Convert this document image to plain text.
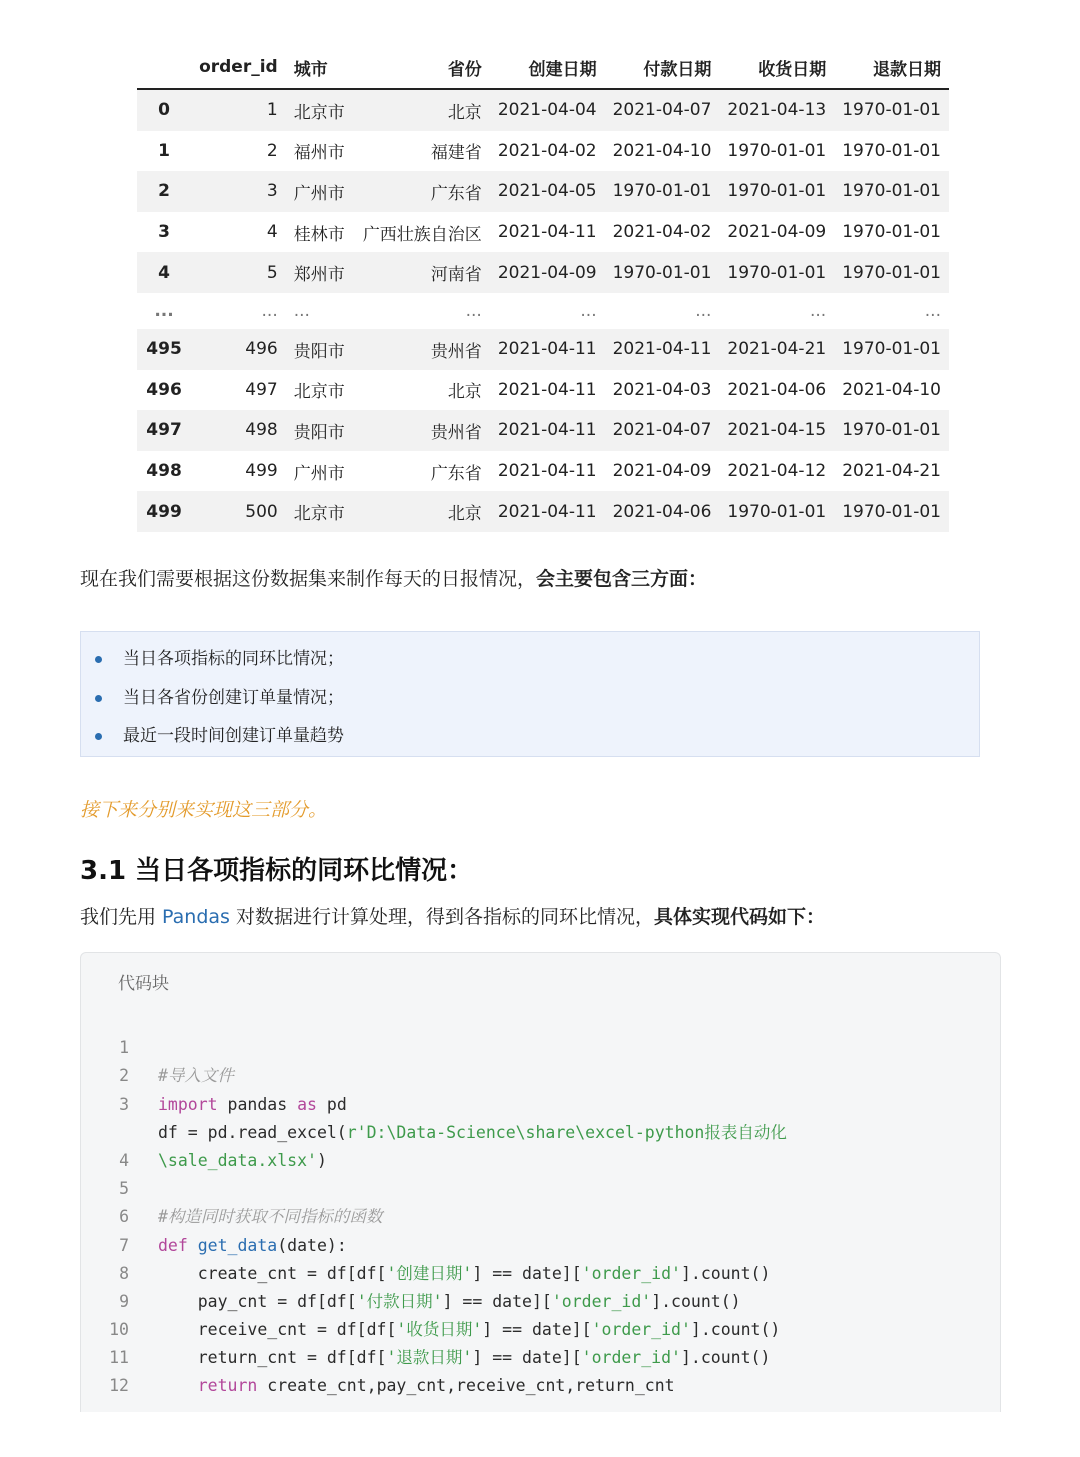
	order_id	城市	省份	创建日期	付款日期	收货日期	退款日期
0	1	北京市	北京	2021-04-04	2021-04-07	2021-04-13	1970-01-01
1	2	福州市	福建省	2021-04-02	2021-04-10	1970-01-01	1970-01-01
2	3	广州市	广东省	2021-04-05	1970-01-01	1970-01-01	1970-01-01
3	4	桂林市	广西壮族自治区	2021-04-11	2021-04-02	2021-04-09	1970-01-01
4	5	郑州市	河南省	2021-04-09	1970-01-01	1970-01-01	1970-01-01
...	...	...	...	...	...	...	...
495	496	贵阳市	贵州省	2021-04-11	2021-04-11	2021-04-21	1970-01-01
496	497	北京市	北京	2021-04-11	2021-04-03	2021-04-06	2021-04-10
497	498	贵阳市	贵州省	2021-04-11	2021-04-07	2021-04-15	1970-01-01
498	499	广州市	广东省	2021-04-11	2021-04-09	2021-04-12	2021-04-21
499	500	北京市	北京	2021-04-11	2021-04-06	1970-01-01	1970-01-01
现在我们需要根据这份数据集来制作每天的日报情况，会主要包含三方面：
当日各项指标的同环比情况；
当日各省份创建订单量情况；
最近一段时间创建订单量趋势
接下来分别来实现这三部分。
3.1 当日各项指标的同环比情况：
我们先用 Pandas 对数据进行计算处理，得到各指标的同环比情况，具体实现代码如下：
代码块

1

#导入文件

2

import pandas as pd

3

df = pd.read_excel(r'D:\Data-Science\share\excel-python报表自动化

\sale_data.xlsx')

4

5

#构造同时获取不同指标的函数

6

def get_data(date):

7

create_cnt = df[df['创建日期'] == date]['order_id'].count()

8

pay_cnt = df[df['付款日期'] == date]['order_id'].count()

9

receive_cnt = df[df['收货日期'] == date]['order_id'].count()

10

return_cnt = df[df['退款日期'] == date]['order_id'].count()

11

return create_cnt,pay_cnt,receive_cnt,return_cnt

12
